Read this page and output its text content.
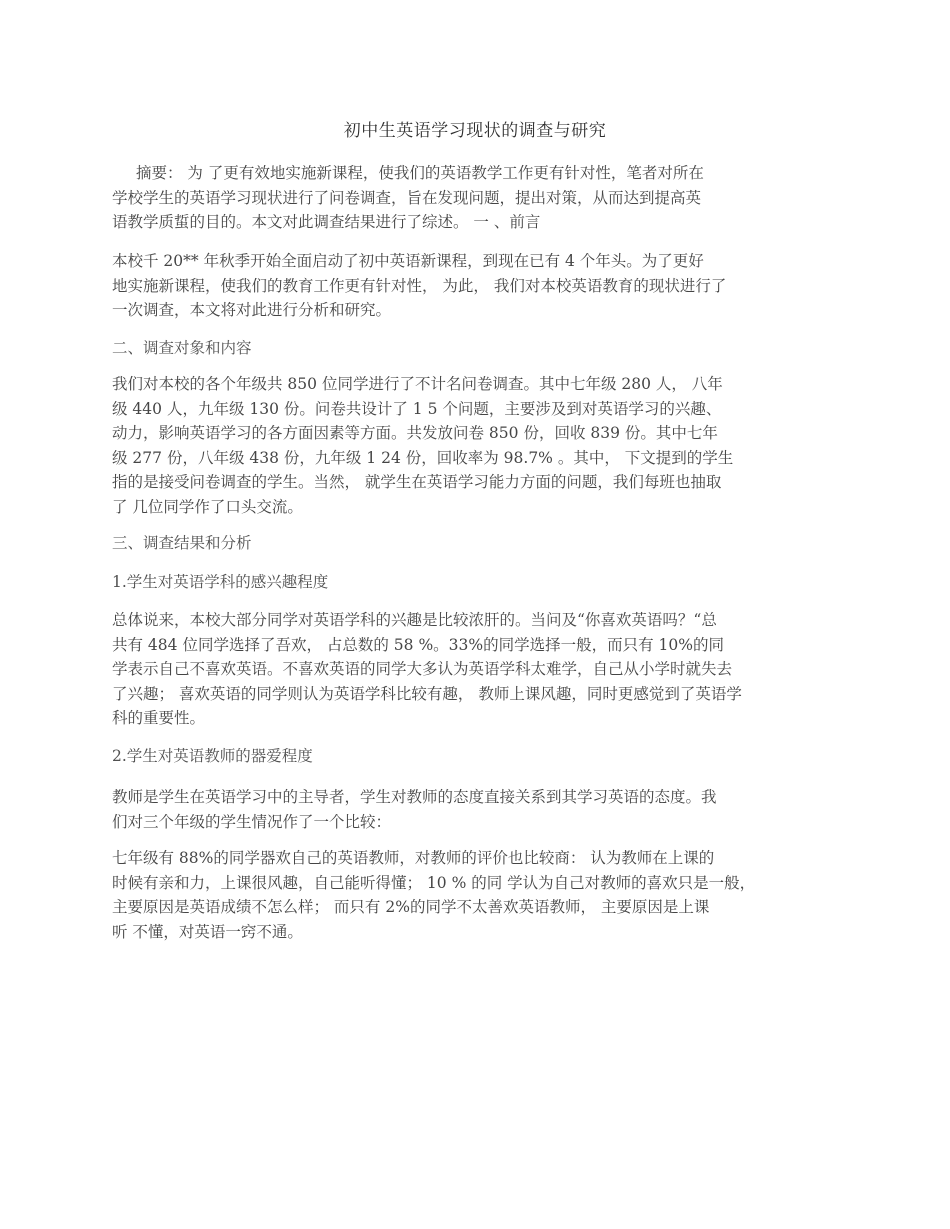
初中生英语学习现状的调查与研究
摘要： 为 了更有效地实施新课程，使我们的英语教学工作更有针对性，笔者对所在
学校学生的英语学习现状进行了问卷调查，旨在发现问题，提出对策，从而达到提高英
语教学质蜇的目的。本文对此调查结果进行了综述。 一 、前言
本校千 20** 年秋季开始全面启动了初中英语新课程，到现在已有 4 个年头。为了更好
地实施新课程，使我们的教育工作更有针对性， 为此， 我们对本校英语教育的现状进行了
一次调查，本文将对此进行分析和研究。
二、调查对象和内容
我们对本校的各个年级共 850 位同学进行了不计名问卷调查。其中七年级 280 人， 八年
级 440 人，九年级 130 份。问卷共设计了 1 5 个问题，主要涉及到对英语学习的兴趣、
动力，影响英语学习的各方面因素等方面。共发放问卷 850 份，回收 839 份。其中七年
级 277 份，八年级 438 份，九年级 1 24 份，回收率为 98.7% 。其中， 下文提到的学生
指的是接受问卷调查的学生。当然， 就学生在英语学习能力方面的问题，我们每班也抽取
了 几位同学作了口头交流。
三、调查结果和分析
1.学生对英语学科的感兴趣程度
总体说来，本校大部分同学对英语学科的兴趣是比较浓肝的。当问及“你喜欢英语吗？“总
共有 484 位同学选择了吾欢， 占总数的 58 %。33%的同学选择一般，而只有 10%的同
学表示自己不喜欢英语。不喜欢英语的同学大多认为英语学科太难学，自己从小学时就失去
了兴趣； 喜欢英语的同学则认为英语学科比较有趣， 教师上课风趣，同时更感觉到了英语学
科的重要性。
2.学生对英语教师的器爱程度
教师是学生在英语学习中的主导者，学生对教师的态度直接关系到其学习英语的态度。我
们对三个年级的学生情况作了一个比较：
七年级有 88%的同学器欢自己的英语教师，对教师的评价也比较商： 认为教师在上课的
时候有亲和力，上课很风趣，自己能听得懂； 10 % 的同 学认为自己对教师的喜欢只是一般，
主要原因是英语成绩不怎么样； 而只有 2%的同学不太善欢英语教师， 主要原因是上课
听 不懂，对英语一窍不通。
